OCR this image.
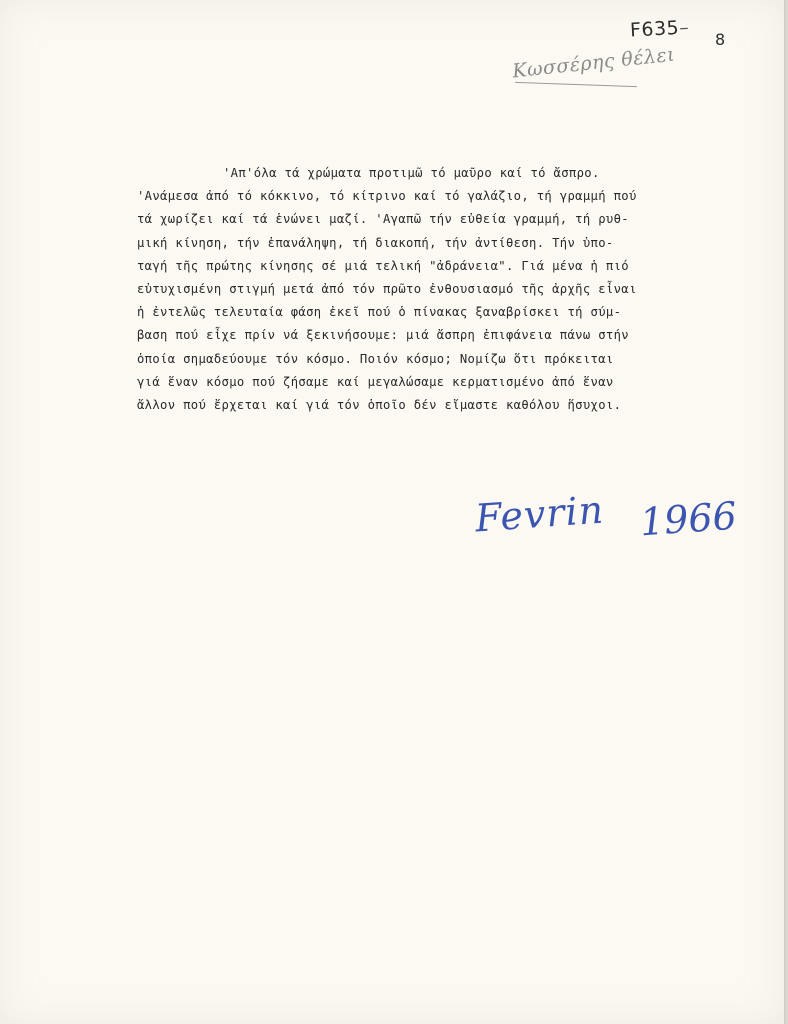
F635–
8
Κωσσέρης θέλει
'Απ'όλα τά χρώματα προτιμῶ τό μαῦρο καί τό ἄσπρο.
'Ανάμεσα ἀπό τό κόκκινο, τό κίτρινο καί τό γαλάζιο, τή γραμμή πού
τά χωρίζει καί τά ἑνώνει μαζί. 'Αγαπῶ τήν εὐθεία γραμμή, τή ρυθ-
μική κίνηση, τήν ἐπανάληψη, τή διακοπή, τήν ἀντίθεση. Τήν ὑπο-
ταγή τῆς πρώτης κίνησης σέ μιά τελική "ἀδράνεια". Γιά μένα ἡ πιό
εὐτυχισμένη στιγμή μετά ἀπό τόν πρῶτο ἐνθουσιασμό τῆς ἀρχῆς εἶναι
ἡ ἐντελῶς τελευταία φάση ἐκεῖ πού ὁ πίνακας ξαναβρίσκει τή σύμ-
βαση πού εἶχε πρίν νά ξεκινήσουμε: μιά ἄσπρη ἐπιφάνεια πάνω στήν
ὁποία σημαδεύουμε τόν κόσμο. Ποιόν κόσμο; Νομίζω ὅτι πρόκειται
γιά ἕναν κόσμο πού ζήσαμε καί μεγαλώσαμε κερματισμένο ἀπό ἕναν
ἄλλον πού ἔρχεται καί γιά τόν ὁποῖο δέν εἴμαστε καθόλου ἥσυχοι.
Fevrin 1966
